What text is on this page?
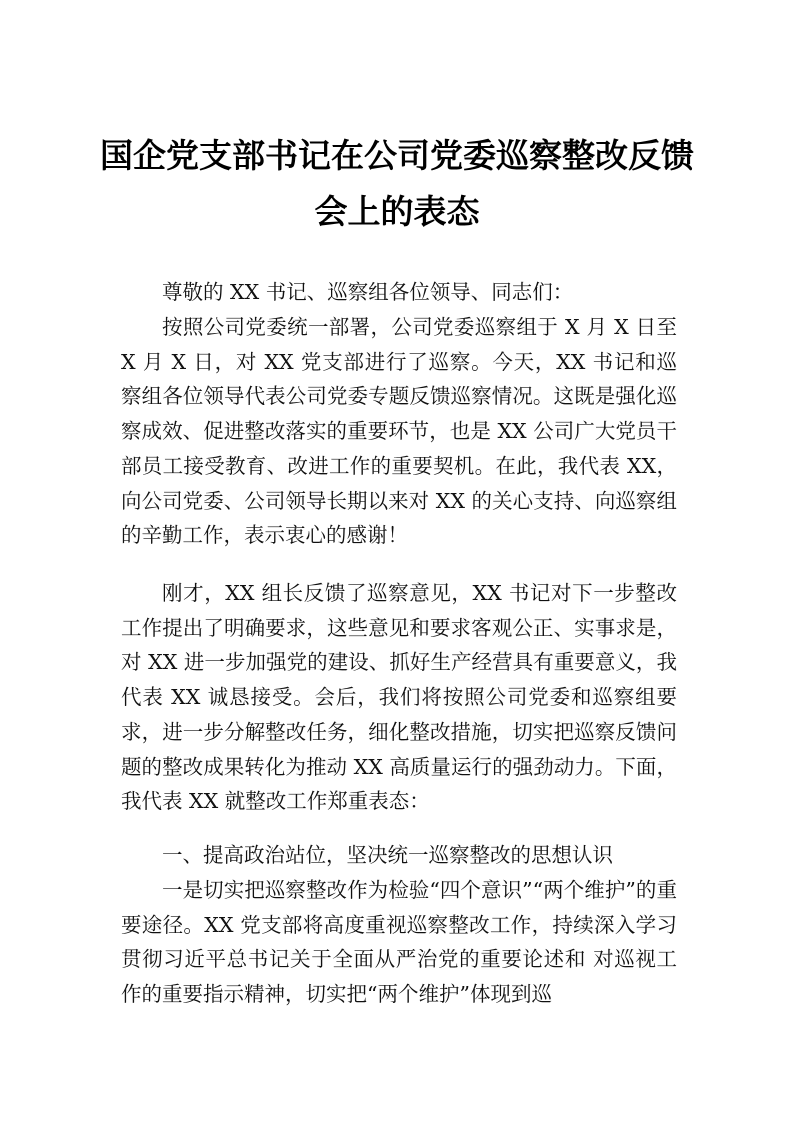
国企党支部书记在公司党委巡察整改反馈
会上的表态
尊敬的 XX 书记、巡察组各位领导、同志们：
按照公司党委统一部署，公司党委巡察组于 X 月 X 日至 X 月 X 日，对 XX 党支部进行了巡察。今天，XX 书记和巡察组各位领导代表公司党委专题反馈巡察情况。这既是强化巡察成效、促进整改落实的重要环节，也是 XX 公司广大党员干部员工接受教育、改进工作的重要契机。在此，我代表 XX，向公司党委、公司领导长期以来对 XX 的关心支持、向巡察组的辛勤工作，表示衷心的感谢！
刚才，XX 组长反馈了巡察意见，XX 书记对下一步整改工作提出了明确要求，这些意见和要求客观公正、实事求是，对 XX 进一步加强党的建设、抓好生产经营具有重要意义，我代表 XX 诚恳接受。会后，我们将按照公司党委和巡察组要求，进一步分解整改任务，细化整改措施，切实把巡察反馈问题的整改成果转化为推动 XX 高质量运行的强劲动力。下面，我代表 XX 就整改工作郑重表态：
一、提高政治站位，坚决统一巡察整改的思想认识
一是切实把巡察整改作为检验“四个意识”“两个维护”的重要途径。XX 党支部将高度重视巡察整改工作，持续深入学习贯彻习近平总书记关于全面从严治党的重要论述和 对巡视工作的重要指示精神，切实把“两个维护”体现到巡
